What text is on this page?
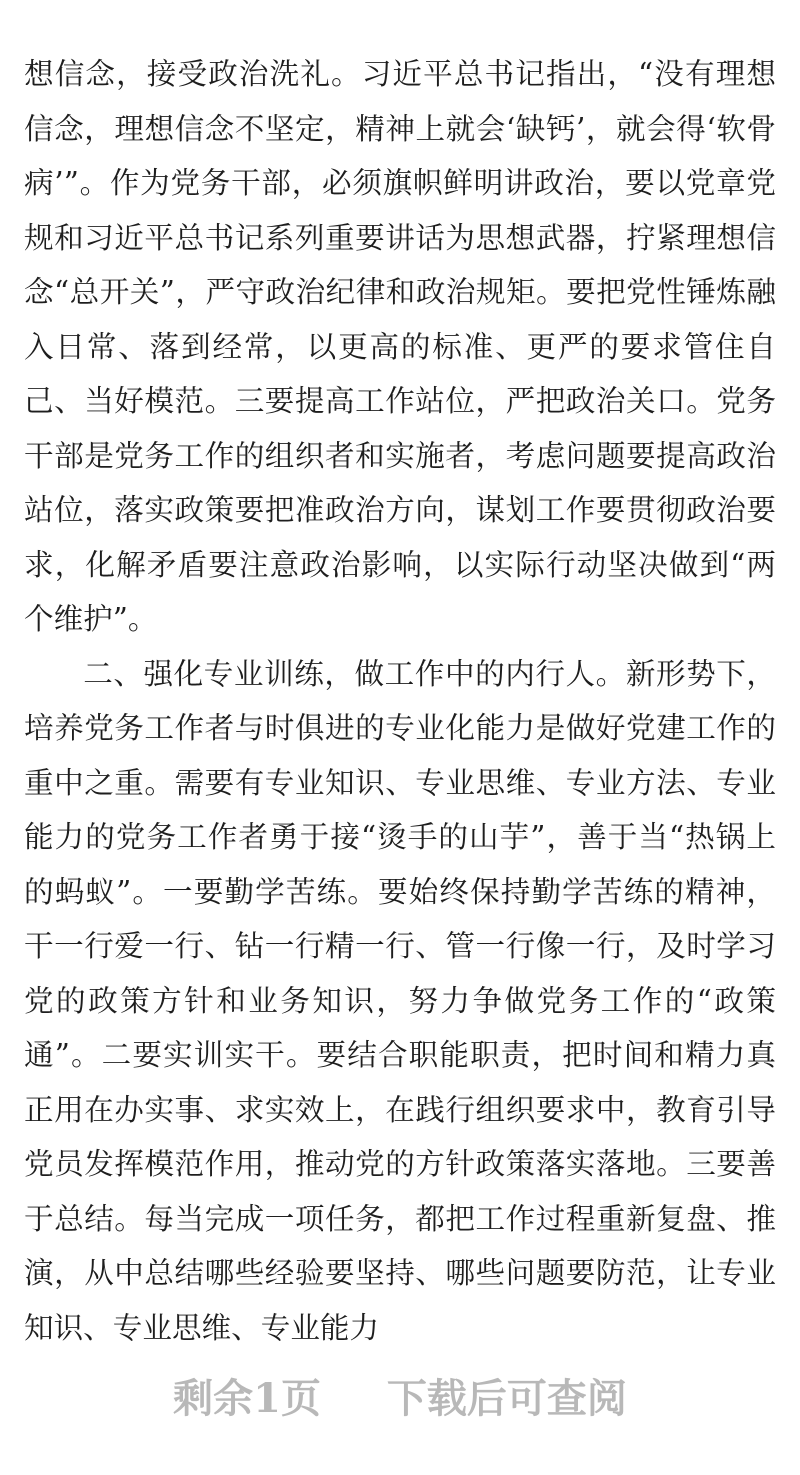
想信念，接受政治洗礼。习近平总书记指出，“没有理想信念，理想信念不坚定，精神上就会‘缺钙’，就会得‘软骨病’”。作为党务干部，必须旗帜鲜明讲政治，要以党章党规和习近平总书记系列重要讲话为思想武器，拧紧理想信念“总开关”，严守政治纪律和政治规矩。要把党性锤炼融入日常、落到经常，以更高的标准、更严的要求管住自己、当好模范。三要提高工作站位，严把政治关口。党务干部是党务工作的组织者和实施者，考虑问题要提高政治站位，落实政策要把准政治方向，谋划工作要贯彻政治要求，化解矛盾要注意政治影响，以实际行动坚决做到“两个维护”。

二、强化专业训练，做工作中的内行人。新形势下，培养党务工作者与时俱进的专业化能力是做好党建工作的重中之重。需要有专业知识、专业思维、专业方法、专业能力的党务工作者勇于接“烫手的山芋”，善于当“热锅上的蚂蚁”。一要勤学苦练。要始终保持勤学苦练的精神，干一行爱一行、钻一行精一行、管一行像一行，及时学习党的政策方针和业务知识，努力争做党务工作的“政策通”。二要实训实干。要结合职能职责，把时间和精力真正用在办实事、求实效上，在践行组织要求中，教育引导党员发挥模范作用，推动党的方针政策落实落地。三要善于总结。每当完成一项任务，都把工作过程重新复盘、推演，从中总结哪些经验要坚持、哪些问题要防范，让专业知识、专业思维、专业能力

剩余1页 下载后可查阅
